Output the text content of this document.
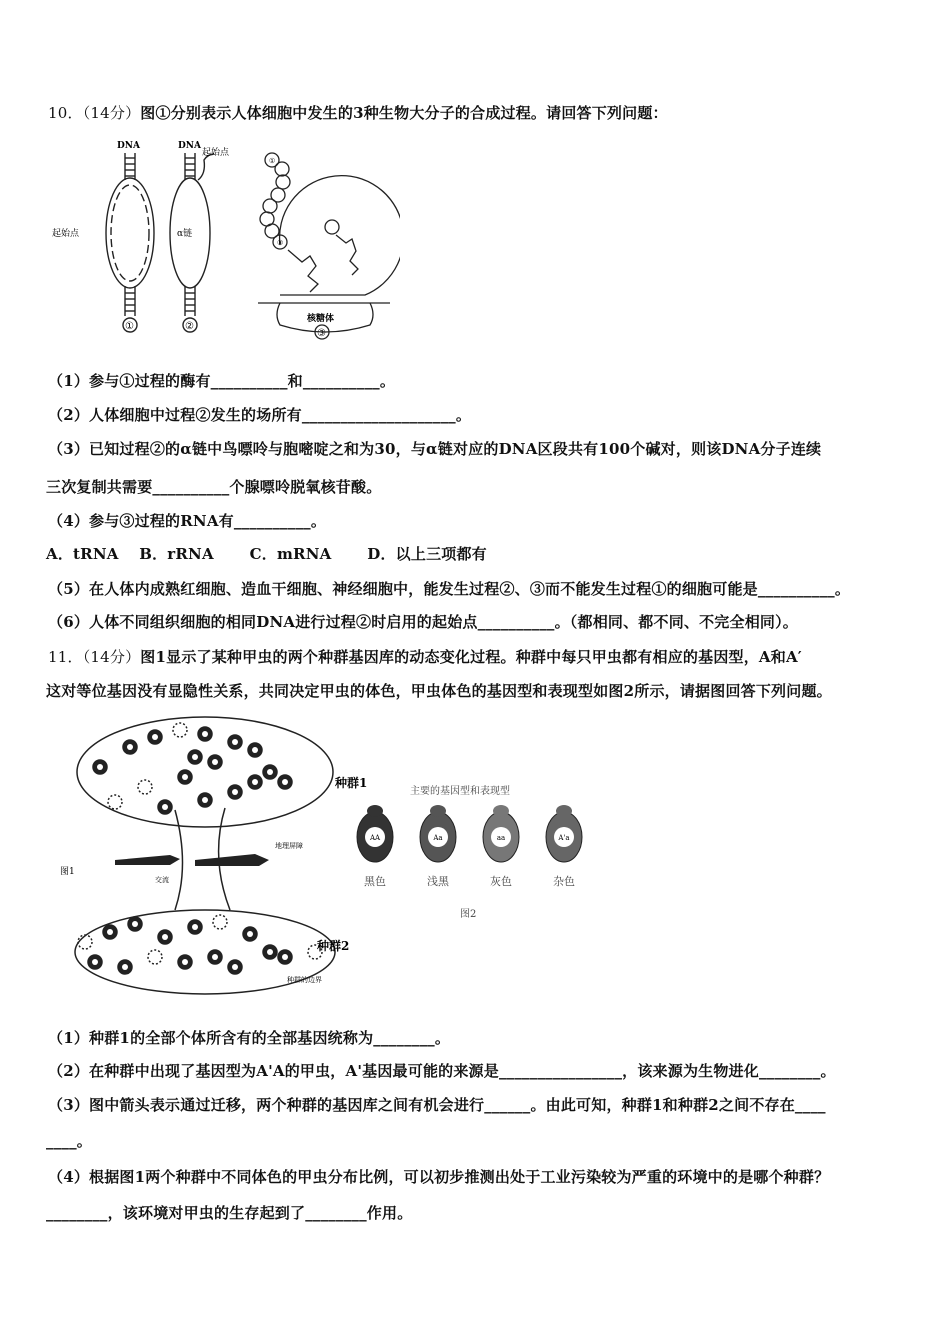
10．（14分）图①分别表示人体细胞中发生的3种生物大分子的合成过程。请回答下列问题：
DNA	DNA
起始点
起始点	α链
①	②
①
⑧
核糖体
③
（1）参与①过程的酶有__________和__________。
（2）人体细胞中过程②发生的场所有____________________。
（3）已知过程②的α链中鸟嘌呤与胞嘧啶之和为30，与α链对应的DNA区段共有100个碱对，则该DNA分子连续
三次复制共需要__________个腺嘌呤脱氧核苷酸。
（4）参与③过程的RNA有__________。
A．tRNA　 B．rRNA　　 C．mRNA　　 D．以上三项都有
（5）在人体内成熟红细胞、造血干细胞、神经细胞中，能发生过程②、③而不能发生过程①的细胞可能是__________。
（6）人体不同组织细胞的相同DNA进行过程②时启用的起始点__________。（都相同、都不同、不完全相同）。
11．（14分）图1显示了某种甲虫的两个种群基因库的动态变化过程。种群中每只甲虫都有相应的基因型，A和A′
这对等位基因没有显隐性关系，共同决定甲虫的体色，甲虫体色的基因型和表现型如图2所示，请据图回答下列问题。
种群1
种群2
图1
地理屏障
交流
种群的边界
主要的基因型和表现型
AA
黑色
Aa
浅黑
aa
灰色
A'a
杂色
图2
（1）种群1的全部个体所含有的全部基因统称为________。
（2）在种群中出现了基因型为A'A的甲虫，A'基因最可能的来源是________________，该来源为生物进化________。
（3）图中箭头表示通过迁移，两个种群的基因库之间有机会进行______。由此可知，种群1和种群2之间不存在____
____。
（4）根据图1两个种群中不同体色的甲虫分布比例，可以初步推测出处于工业污染较为严重的环境中的是哪个种群？
________，该环境对甲虫的生存起到了________作用。
